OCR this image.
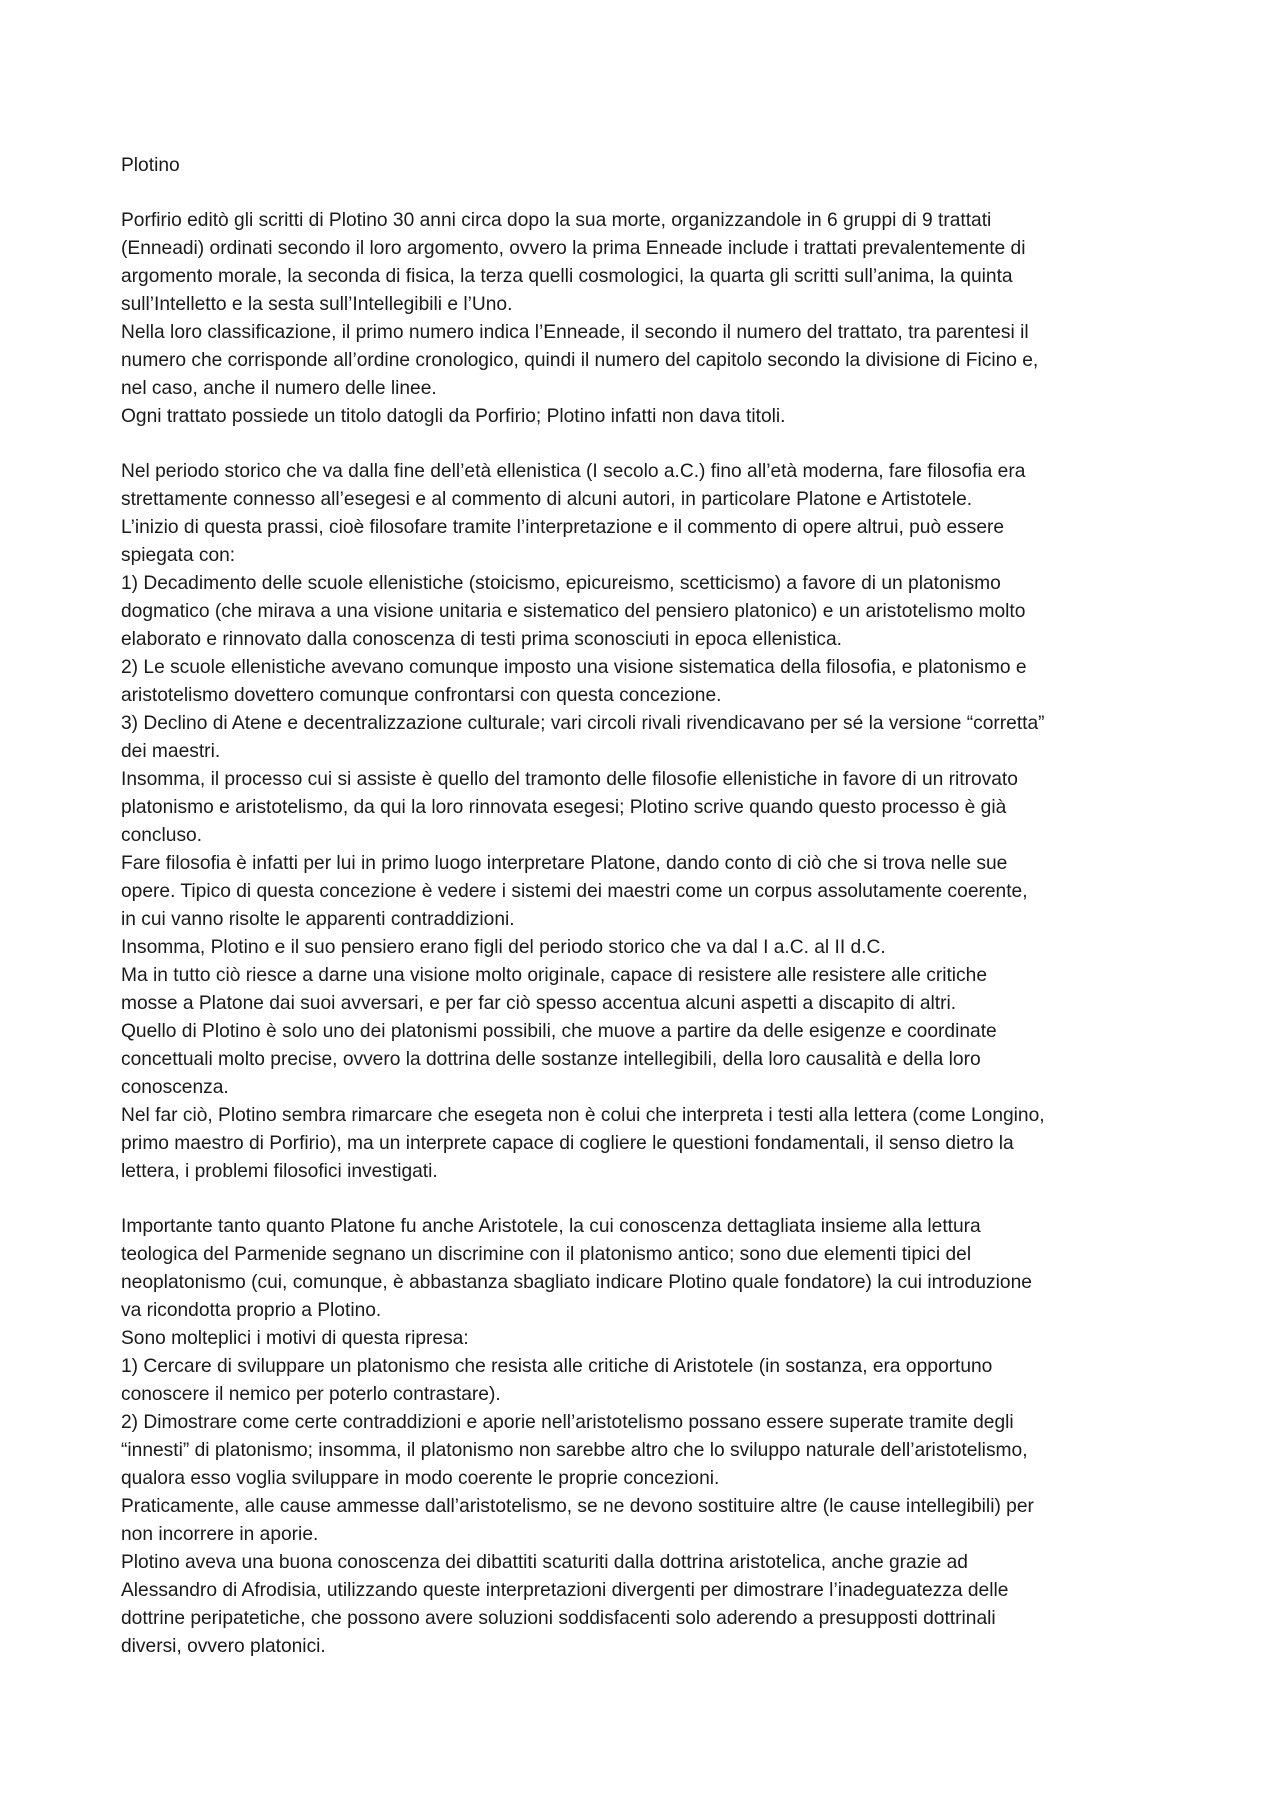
Plotino
Porfirio editò gli scritti di Plotino 30 anni circa dopo la sua morte, organizzandole in 6 gruppi di 9 trattati
(Enneadi) ordinati secondo il loro argomento, ovvero la prima Enneade include i trattati prevalentemente di
argomento morale, la seconda di fisica, la terza quelli cosmologici, la quarta gli scritti sull’anima, la quinta
sull’Intelletto e la sesta sull’Intellegibili e l’Uno.
Nella loro classificazione, il primo numero indica l’Enneade, il secondo il numero del trattato, tra parentesi il
numero che corrisponde all’ordine cronologico, quindi il numero del capitolo secondo la divisione di Ficino e,
nel caso, anche il numero delle linee.
Ogni trattato possiede un titolo datogli da Porfirio; Plotino infatti non dava titoli.
Nel periodo storico che va dalla fine dell’età ellenistica (I secolo a.C.) fino all’età moderna, fare filosofia era
strettamente connesso all’esegesi e al commento di alcuni autori, in particolare Platone e Artistotele.
L’inizio di questa prassi, cioè filosofare tramite l’interpretazione e il commento di opere altrui, può essere
spiegata con:
1) Decadimento delle scuole ellenistiche (stoicismo, epicureismo, scetticismo) a favore di un platonismo
dogmatico (che mirava a una visione unitaria e sistematico del pensiero platonico) e un aristotelismo molto
elaborato e rinnovato dalla conoscenza di testi prima sconosciuti in epoca ellenistica.
2) Le scuole ellenistiche avevano comunque imposto una visione sistematica della filosofia, e platonismo e
aristotelismo dovettero comunque confrontarsi con questa concezione.
3) Declino di Atene e decentralizzazione culturale; vari circoli rivali rivendicavano per sé la versione “corretta”
dei maestri.
Insomma, il processo cui si assiste è quello del tramonto delle filosofie ellenistiche in favore di un ritrovato
platonismo e aristotelismo, da qui la loro rinnovata esegesi; Plotino scrive quando questo processo è già
concluso.
Fare filosofia è infatti per lui in primo luogo interpretare Platone, dando conto di ciò che si trova nelle sue
opere. Tipico di questa concezione è vedere i sistemi dei maestri come un corpus assolutamente coerente,
in cui vanno risolte le apparenti contraddizioni.
Insomma, Plotino e il suo pensiero erano figli del periodo storico che va dal I a.C. al II d.C.
Ma in tutto ciò riesce a darne una visione molto originale, capace di resistere alle resistere alle critiche
mosse a Platone dai suoi avversari, e per far ciò spesso accentua alcuni aspetti a discapito di altri.
Quello di Plotino è solo uno dei platonismi possibili, che muove a partire da delle esigenze e coordinate
concettuali molto precise, ovvero la dottrina delle sostanze intellegibili, della loro causalità e della loro
conoscenza.
Nel far ciò, Plotino sembra rimarcare che esegeta non è colui che interpreta i testi alla lettera (come Longino,
primo maestro di Porfirio), ma un interprete capace di cogliere le questioni fondamentali, il senso dietro la
lettera, i problemi filosofici investigati.
Importante tanto quanto Platone fu anche Aristotele, la cui conoscenza dettagliata insieme alla lettura
teologica del Parmenide segnano un discrimine con il platonismo antico; sono due elementi tipici del
neoplatonismo (cui, comunque, è abbastanza sbagliato indicare Plotino quale fondatore) la cui introduzione
va ricondotta proprio a Plotino.
Sono molteplici i motivi di questa ripresa:
1) Cercare di sviluppare un platonismo che resista alle critiche di Aristotele (in sostanza, era opportuno
conoscere il nemico per poterlo contrastare).
2) Dimostrare come certe contraddizioni e aporie nell’aristotelismo possano essere superate tramite degli
“innesti” di platonismo; insomma, il platonismo non sarebbe altro che lo sviluppo naturale dell’aristotelismo,
qualora esso voglia sviluppare in modo coerente le proprie concezioni.
Praticamente, alle cause ammesse dall’aristotelismo, se ne devono sostituire altre (le cause intellegibili) per
non incorrere in aporie.
Plotino aveva una buona conoscenza dei dibattiti scaturiti dalla dottrina aristotelica, anche grazie ad
Alessandro di Afrodisia, utilizzando queste interpretazioni divergenti per dimostrare l’inadeguatezza delle
dottrine peripatetiche, che possono avere soluzioni soddisfacenti solo aderendo a presupposti dottrinali
diversi, ovvero platonici.
